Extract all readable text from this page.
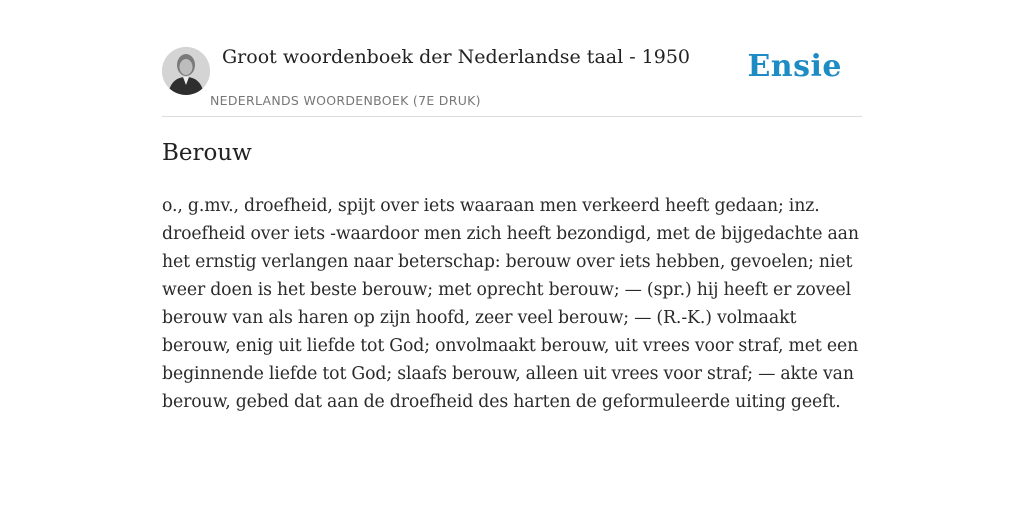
Groot woordenboek der Nederlandse taal - 1950
NEDERLANDS WOORDENBOEK (7E DRUK)
Ensie
Berouw

o., g.mv., droefheid, spijt over iets waaraan men verkeerd heeft gedaan; inz. droefheid over iets -waardoor men zich heeft bezondigd, met de bijgedachte aan het ernstig verlangen naar beterschap: berouw over iets hebben, gevoelen; niet weer doen is het beste berouw; met oprecht berouw; — (spr.) hij heeft er zoveel berouw van als haren op zijn hoofd, zeer veel berouw; — (R.-K.) volmaakt berouw, enig uit liefde tot God; onvolmaakt berouw, uit vrees voor straf, met een beginnende liefde tot God; slaafs berouw, alleen uit vrees voor straf; — akte van berouw, gebed dat aan de droefheid des harten de geformuleerde uiting geeft.
